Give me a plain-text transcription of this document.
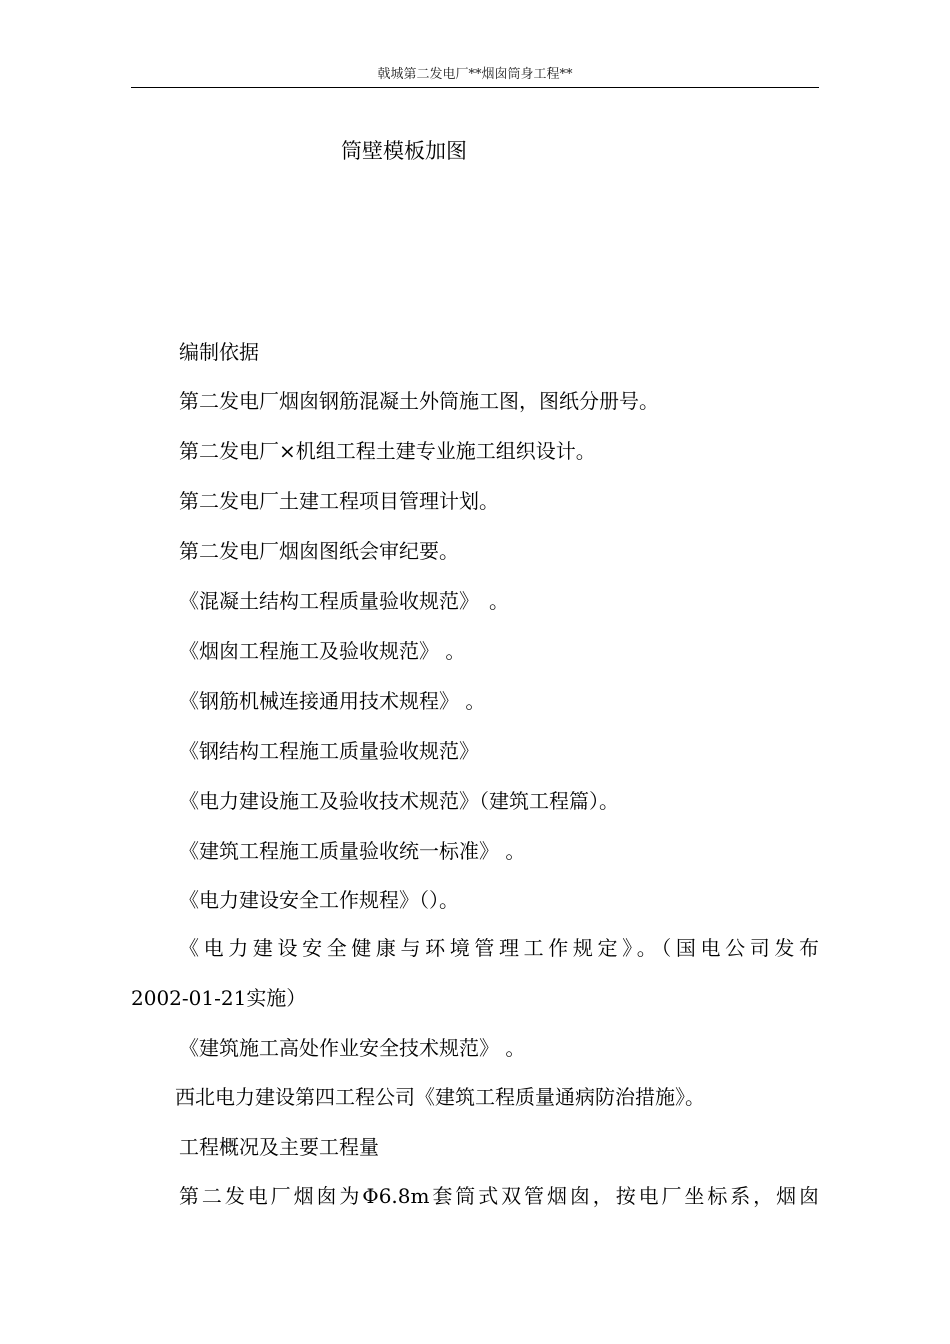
戟城第二发电厂**烟囱筒身工程**
筒壁模板加图
编制依据
第二发电厂烟囱钢筋混凝土外筒施工图，图纸分册号。
第二发电厂×机组工程土建专业施工组织设计。
第二发电厂土建工程项目管理计划。
第二发电厂烟囱图纸会审纪要。
《混凝土结构工程质量验收规范》　。
《烟囱工程施工及验收规范》 。
《钢筋机械连接通用技术规程》 。
《钢结构工程施工质量验收规范》
《电力建设施工及验收技术规范》（建筑工程篇）。
《建筑工程施工质量验收统一标准》 。
《电力建设安全工作规程》（）。
《电力建设安全健康与环境管理工作规定》。（国电公司发布
2002-01-21实施）
《建筑施工高处作业安全技术规范》 。
西北电力建设第四工程公司《建筑工程质量通病防治措施》。
工程概况及主要工程量
第二发电厂烟囱为Φ6.8m套筒式双管烟囱，按电厂坐标系，烟囱
